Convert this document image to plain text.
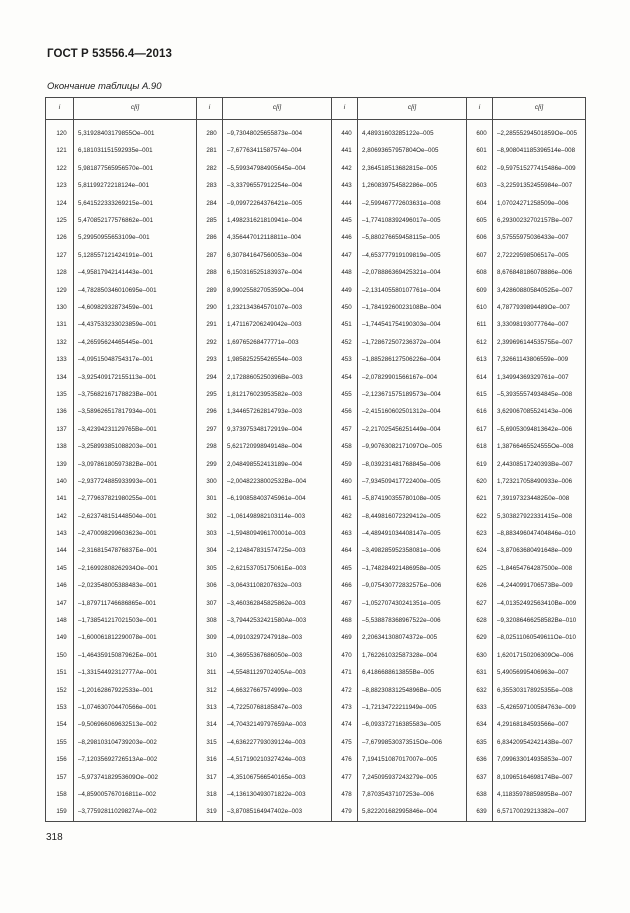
ГОСТ Р 53556.4—2013
Окончание таблицы А.90
i	c[i]	i	c[i]	i	c[i]	i	c[i]

120	5,31928403179855Ое–001	280	–9,73048025655873е–004	440	4,48931603285122е–005	600	–2,28555294501859Ое–005
121	6,181031151592935е–001	281	–7,67763411587574е–004	441	2,80693657957804Ое–005	601	–8,908041185396514е–008
122	5,981877565956570е–001	282	–5,599347984905645е–004	442	2,364518513682815е–005	602	–9,597515277415486е–009
123	5,81199272218124е–001	283	–3,33796557912254е–004	443	1,260839754582286е–005	603	–3,22591352455984е–007
124	5,641522333269215е–001	284	–9,09972264376421е–005	444	–2,599467772603631е–008	604	1,07024271258509е–006
125	5,470852177576862е–001	285	1,498231621810941е–004	445	–1,774108392496017е–005	605	6,29300232702157Ве–007
126	5,29950955653109е–001	286	4,356447012118811е–004	446	–5,880276659458115е–005	606	3,57555975036433е–007
127	5,128557121424191е–001	287	6,307841647560053е–004	447	–4,653777919109819е–005	607	2,72229598506517е–005
128	–4,95817942141443е–001	288	6,150316525183937е–004	448	–2,078886369425321е–004	608	8,676848186078886е–006
129	–4,782850346010695е–001	289	8,99025582705359Ое–004	449	–2,131405580107761е–004	609	3,42860880584052Бе–007
130	–4,60982932873459е–001	290	1,232134364570107е–003	450	–1,78419260023108Ве–004	610	4,7877939894489Ое–007
131	–4,437533233023859е–001	291	1,471167206249042е–003	451	–1,744541754190303е–004	611	3,33098193077764е–007
132	–4,26595624465445е–001	292	1,69765268477771е–003	452	–1,728672507236372е–004	612	2,39969614453575Бе–007
133	–4,09515048754317е–001	293	1,985825255426554е–003	453	–1,885286127506226е–004	613	7,32661143806559е–009
134	–3,92540917215511Зе–001	294	2,17288605250396Ве–003	454	–2,07829901566167е–004	614	1,34994369329761е–007
135	–3,75682167178823Ве–001	295	1,812176023953582е–003	455	–2,12367157518957Зе–004	615	–5,39355574934845е–008
136	–3,589626517817934е–001	296	1,344657262814793е–003	456	–2,415160602501312е–004	616	3,62906708552414Зе–006
137	–3,42394231129765Ве–001	297	9,373975348172919е–004	457	–2,217025456251449е–004	617	–5,69053094813642е–006
138	–3,25899385108820Зе–001	298	5,621720998949148е–004	458	–9,90763082171097Ое–005	618	1,38766465524555Ое–008
139	–3,09786180597382Ве–001	299	2,048498552413189е–004	459	–8,039231481768845е–006	619	2,44308517240393Ве–007
140	–2,93772488593399Зе–001	300	–2,00482238002532Ве–004	460	–7,934509417722400е–005	620	1,723217058490933е–006
141	–2,779637821980255е–001	301	–6,190858403745961е–004	461	–5,874190355780108е–005	621	7,391973234482Б0е–008
142	–2,623748151448504е–001	302	–1,061498982103114е–003	462	–8,449816072329412е–005	622	5,303827922331415е–008
143	–2,470098299603623е–001	303	–1,594809496170001е–003	463	–4,489491034408147е–005	623	–8,883496047404846е–010
144	–2,31681547876837Бе–001	304	–2,124847831574725е–003	464	–3,498285952358081е–006	624	–3,87063680491648е–009
145	–2,16992808262934Ое–001	305	–2,62153705175061Бе–003	465	–1,748284921486958е–005	625	–1,84654764287500е–008
146	–2,02354800538848Зе–001	306	–3,06431108207632е–003	466	–9,07543077283257Бе–006	626	–4,2440991706573Ве–009
147	–1,879711746686865е–001	307	–3,460362845825862е–003	467	–1,052707430241351е–005	627	–4,01352492563410Ве–009
148	–1,73854121702150Зе–001	308	–3,79442532421580Ае–003	468	–5,538878368967522е–006	628	–9,32086466258582Ве–010
149	–1,600061812290078е–001	309	–4,09103297247918е–003	469	2,206341308074372е–005	629	–8,02511060549611Ое–010
150	–1,46435915087962Бе–001	310	–4,36955367686050е–003	470	1,762261032587328е–004	630	1,62017150206309Ое–006
151	–1,33154492312777Ае–001	311	–4,55481129702405Ае–003	471	6,4186688613855Ве–005	631	5,49056995406963е–007
152	–1,20162867922533е–001	312	–4,66327667574999е–003	472	–8,88230831254896Ве–005	632	6,35530317892535Бе–008
153	–1,074630704470566е–001	313	–4,72250768185847е–003	473	–1,72134722211949е–005	633	–5,42659710058476Зе–009
154	–9,50696606963251Зе–002	314	–4,70432149797659Ае–003	474	–6,09337271638558Зе–005	634	4,29168184593566е–007
155	–8,29810310473920Зе–002	315	–4,636227793039124е–003	475	–7,67998530373515Ое–006	635	6,83420954242143Ве–007
156	–7,12035692726513Ае–002	316	–4,517190210327424е–003	476	7,194151087017007е–005	636	7,09963301493585Зе–007
157	–5,97374182953609Ое–002	317	–4,351067566540165е–003	477	7,245095937243279е–005	637	8,10965164698174Ве–007
158	–4,859005767016811е–002	318	–4,136130493071822е–003	478	7,8703543710725Зе–006	638	4,11835978859895Ве–007
159	–3,77592811029827Ае–002	319	–3,87085164947402е–003	479	5,822201682995846е–004	639	6,57170029213382е–007
318
